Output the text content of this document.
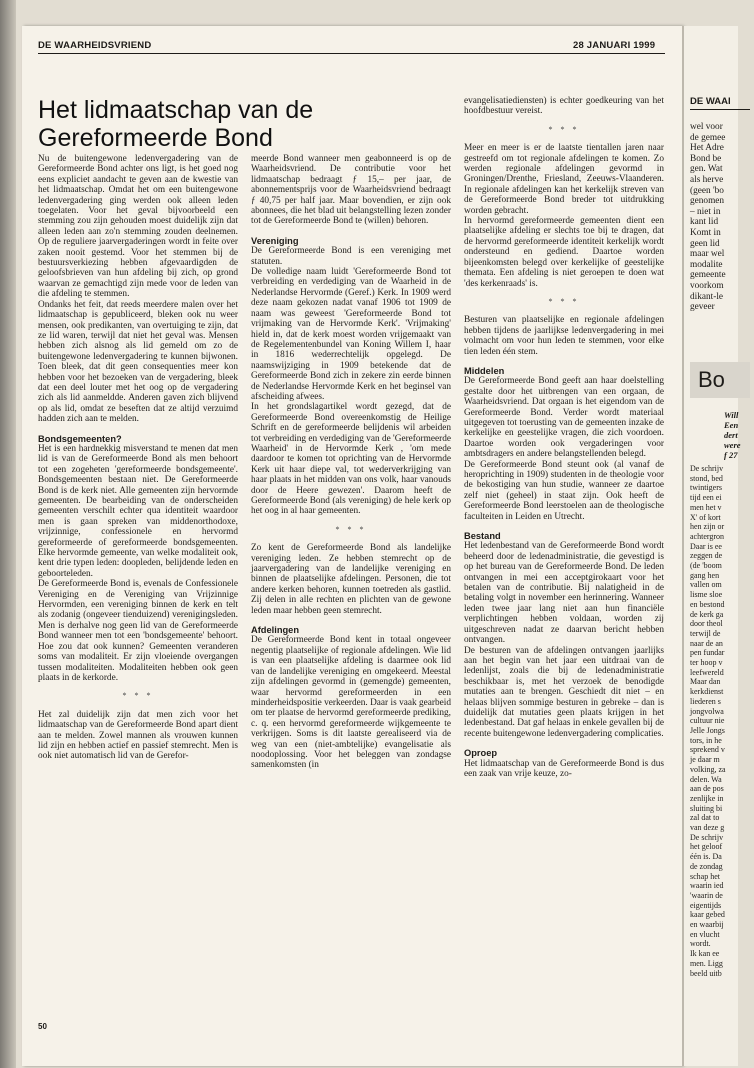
DE WAAI
wel voor
de gemee
Het Adre
Bond be
gen. Wat
als herve
(geen 'bo
genomen
– niet in
kant lid
Komt in
geen lid
maar wel
modalite
gemeente
voorkom
dikant-le
geveer
Bo
Will
Een
dert
were
f 27
De schrijv
stond, bed
twintigers
tijd een ei
men het v
X' of kort
hen zijn or
achtergron
Daar is ee
zeggen de
(de 'boom
gang hen
vallen om
lisme sloe
en bestond
de kerk ga
door theol
terwijl de
naar de an
pen fundar
ter hoop v
leefwereld
Maar dan
kerkdienst
liederen s
jongvolwa
cultuur nie
Jelle Jongs
tors, in he
sprekend v
je daar m
volking, za
delen. Wa
aan de pos
zenlijke in
sluiting bi
zal dat to
van deze g
De schrijv
het geloof
één is. Da
de zondag
schap het
waarin ied
'waarin de
eigentijds
kaar gebed
en waarbij
en vlucht
wordt.
Ik kan ee
men. Ligg
beeld uitb
DE WAARHEIDSVRIEND	28 JANUARI 1999
Het lidmaatschap van de Gereformeerde Bond

Nu de buitengewone ledenvergadering van de Gereformeerde Bond achter ons ligt, is het goed nog eens expliciet aandacht te geven aan de kwestie van het lidmaatschap. Omdat het om een buitengewone ledenvergadering ging werden ook alleen leden toegelaten. Voor het geval bijvoorbeeld een stemming zou zijn gehouden moest duidelijk zijn dat alleen leden aan zo'n stemming zouden deelnemen. Op de reguliere jaarvergaderingen wordt in feite over zaken nooit gestemd. Voor het stemmen bij de bestuursverkiezing hebben afgevaardigden de geloofsbrieven van hun afdeling bij zich, op grond waarvan ze gemachtigd zijn mede voor de leden van die afdeling te stemmen.

Ondanks het feit, dat reeds meerdere malen over het lidmaatschap is gepubliceerd, bleken ook nu weer mensen, ook predikanten, van overtuiging te zijn, dat ze lid waren, terwijl dat niet het geval was. Mensen hebben zich alsnog als lid gemeld om zo de buitengewone ledenvergadering te kunnen bijwonen. Toen bleek, dat dit geen consequenties meer kon hebben voor het bezoeken van de vergadering, bleek dat een deel louter met het oog op de vergadering zich als lid aanmeldde. Anderen gaven zich blijvend op als lid, omdat ze beseften dat ze altijd verzuimd hadden zich aan te melden.

Bondsgemeenten?

Het is een hardnekkig misverstand te menen dat men lid is van de Gereformeerde Bond als men behoort tot een zogeheten 'gereformeerde bondsgemeente'. Bondsgemeenten bestaan niet. De Gereformeerde Bond is de kerk niet. Alle gemeenten zijn hervormde gemeenten. De bearbeiding van de onderscheiden gemeenten verschilt echter qua identiteit waardoor men is gaan spreken van middenorthodoxe, vrijzinnige, confessionele en hervormd gereformeerde of gereformeerde bondsgemeenten. Elke hervormde gemeente, van welke modaliteit ook, kent drie typen leden: doopleden, belijdende leden en geboorteleden.

De Gereformeerde Bond is, evenals de Confessionele Vereniging en de Vereniging van Vrijzinnige Hervormden, een vereniging binnen de kerk en telt als zodanig (ongeveer tienduizend) verenigingsleden. Men is derhalve nog geen lid van de Gereformeerde Bond wanneer men tot een 'bondsgemeente' behoort. Hoe zou dat ook kunnen? Gemeenten veranderen soms van modaliteit. Er zijn vloeiende overgangen tussen modaliteiten. Modaliteiten hebben ook geen plaats in de kerkorde.

* * *

Het zal duidelijk zijn dat men zich voor het lidmaatschap van de Gereformeerde Bond apart dient aan te melden. Zowel mannen als vrouwen kunnen lid zijn en hebben actief en passief stemrecht. Men is ook niet automatisch lid van de Gerefor-

meerde Bond wanneer men geabonneerd is op de Waarheidsvriend. De contributie voor het lidmaatschap bedraagt ƒ 15,– per jaar, de abonnementsprijs voor de Waarheidsvriend bedraagt ƒ 40,75 per half jaar. Maar bovendien, er zijn ook abonnees, die het blad uit belangstelling lezen zonder tot de Gereformeerde Bond te (willen) behoren.

Vereniging

De Gereformeerde Bond is een vereniging met statuten.

De volledige naam luidt 'Gereformeerde Bond tot verbreiding en verdediging van de Waarheid in de Nederlandse Hervormde (Geref.) Kerk. In 1909 werd deze naam gekozen nadat vanaf 1906 tot 1909 de naam was geweest 'Gereformeerde Bond tot vrijmaking van de Hervormde Kerk'. 'Vrijmaking' hield in, dat de kerk moest worden vrijgemaakt van de Regelementenbundel van Koning Willem I, haar in 1816 wederrechtelijk opgelegd. De naamswijziging in 1909 betekende dat de Gereformeerde Bond zich in zekere zin eerde binnen de Nederlandse Hervormde Kerk en het beginsel van afscheiding afwees.

In het grondslagartikel wordt gezegd, dat de Gereformeerde Bond overeenkomstig de Heilige Schrift en de gereformeerde belijdenis wil arbeiden tot verbreiding en verdediging van de 'Gereformeerde Waarheid' in de Hervormde Kerk , 'om mede daardoor te komen tot oprichting van de Hervormde Kerk uit haar diepe val, tot wederverkrijging van haar plaats in het midden van ons volk, haar vanouds door de Heere gewezen'. Daarom heeft de Gereformeerde Bond (als vereniging) de hele kerk op het oog in al haar gemeenten.

* * *

Zo kent de Gereformeerde Bond als landelijke vereniging leden. Ze hebben stemrecht op de jaarvergadering van de landelijke vereniging en binnen de plaatselijke afdelingen. Personen, die tot andere kerken behoren, kunnen toetreden als gastlid. Zij delen in alle rechten en plichten van de gewone leden maar hebben geen stemrecht.

Afdelingen

De Gereformeerde Bond kent in totaal ongeveer negentig plaatselijke of regionale afdelingen. Wie lid is van een plaatselijke afdeling is daarmee ook lid van de landelijke vereniging en omgekeerd. Meestal zijn afdelingen gevormd in (gemengde) gemeenten, waar hervormd gereformeerden in een minderheidspositie verkeerden. Daar is vaak gearbeid om ter plaatse de hervormd gereformeerde prediking, c. q. een hervormd gereformeerde wijkgemeente te verkrijgen. Soms is dit laatste gerealiseerd via de weg van een (niet-ambtelijke) evangelisatie als noodoplossing. Voor het beleggen van zondagse samenkomsten (in

evangelisatiediensten) is echter goedkeuring van het hoofdbestuur vereist.

* * *

Meer en meer is er de laatste tientallen jaren naar gestreefd om tot regionale afdelingen te komen. Zo werden regionale afdelingen gevormd in Groningen/Drenthe, Friesland, Zeeuws-Vlaanderen. In regionale afdelingen kan het kerkelijk streven van de Gereformeerde Bond breder tot uitdrukking worden gebracht.

In hervormd gereformeerde gemeenten dient een plaatselijke afdeling er slechts toe bij te dragen, dat de hervormd gereformeerde identiteit kerkelijk wordt ondersteund en gediend. Daartoe worden bijeenkomsten belegd over kerkelijke of geestelijke themata. Een afdeling is niet geroepen te doen wat 'des kerkenraads' is.

* * *

Besturen van plaatselijke en regionale afdelingen hebben tijdens de jaarlijkse ledenvergadering in mei volmacht om voor hun leden te stemmen, voor elke tien leden één stem.

Middelen

De Gereformeerde Bond geeft aan haar doelstelling gestalte door het uitbrengen van een orgaan, de Waarheidsvriend. Dat orgaan is het eigendom van de Gereformeerde Bond. Verder wordt materiaal uitgegeven tot toerusting van de gemeenten inzake de kerkelijke en geestelijke vragen, die zich voordoen. Daartoe worden ook vergaderingen voor ambtsdragers en andere belangstellenden belegd.

De Gereformeerde Bond steunt ook (al vanaf de heroprichting in 1909) studenten in de theologie voor de bekostiging van hun studie, wanneer ze daartoe zelf niet (geheel) in staat zijn. Ook heeft de Gereformeerde Bond leerstoelen aan de theologische faculteiten in Leiden en Utrecht.

Bestand

Het ledenbestand van de Gereformeerde Bond wordt beheerd door de ledenadministratie, die gevestigd is op het bureau van de Gereformeerde Bond. De leden ontvangen in mei een acceptgirokaart voor het betalen van de contributie. Bij nalatigheid in de betaling volgt in november een herinnering. Wanneer leden twee jaar lang niet aan hun financiële verplichtingen hebben voldaan, worden zij uitgeschreven nadat ze daarvan bericht hebben ontvangen.

De besturen van de afdelingen ontvangen jaarlijks aan het begin van het jaar een uitdraai van de ledenlijst, zoals die bij de ledenadministratie beschikbaar is, met het verzoek de benodigde mutaties aan te brengen. Geschiedt dit niet – en helaas blijven sommige besturen in gebreke – dan is duidelijk dat mutaties geen plaats krijgen in het ledenbestand. Dat gaf helaas in enkele gevallen bij de recente buitengewone ledenvergadering complicaties.

Oproep

Het lidmaatschap van de Gereformeerde Bond is dus een zaak van vrije keuze, zo-

50
